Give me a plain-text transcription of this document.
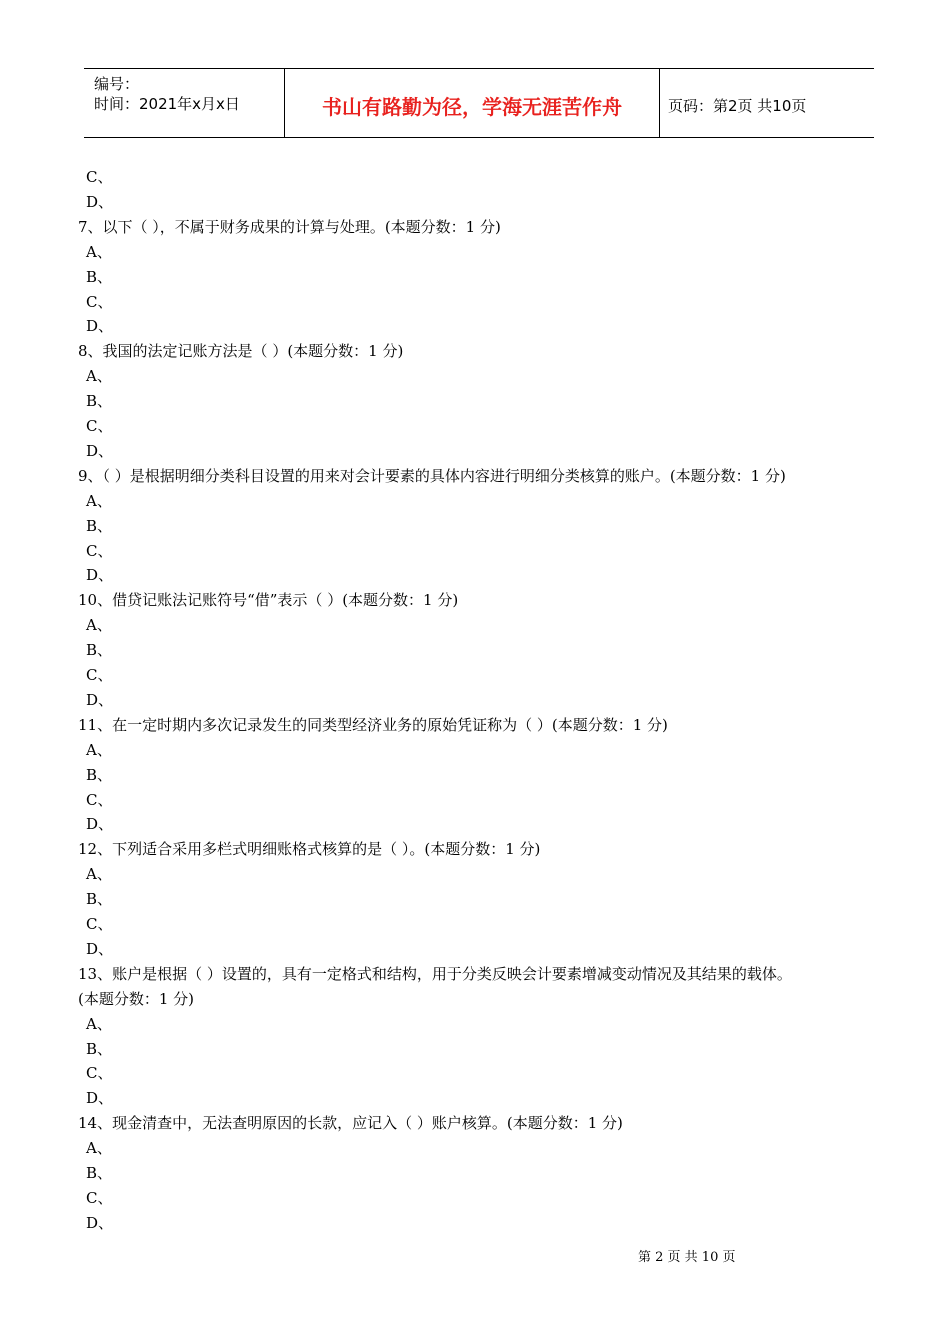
编号：
时间：2021年x月x日	书山有路勤为径，学海无涯苦作舟	页码：第2页 共10页
C、
D、
7、以下（ ），不属于财务成果的计算与处理。(本题分数：1 分)
A、
B、
C、
D、
8、我国的法定记账方法是（ ）(本题分数：1 分)
A、
B、
C、
D、
9、（ ）是根据明细分类科目设置的用来对会计要素的具体内容进行明细分类核算的账户。(本题分数：1 分)
A、
B、
C、
D、
10、借贷记账法记账符号“借”表示（ ）(本题分数：1 分)
A、
B、
C、
D、
11、在一定时期内多次记录发生的同类型经济业务的原始凭证称为（ ）(本题分数：1 分)
A、
B、
C、
D、
12、下列适合采用多栏式明细账格式核算的是（ ）。(本题分数：1 分)
A、
B、
C、
D、
13、账户是根据（ ）设置的，具有一定格式和结构，用于分类反映会计要素增减变动情况及其结果的载体。
(本题分数：1 分)
A、
B、
C、
D、
14、现金清查中，无法查明原因的长款，应记入（ ）账户核算。(本题分数：1 分)
A、
B、
C、
D、
第 2 页 共 10 页
